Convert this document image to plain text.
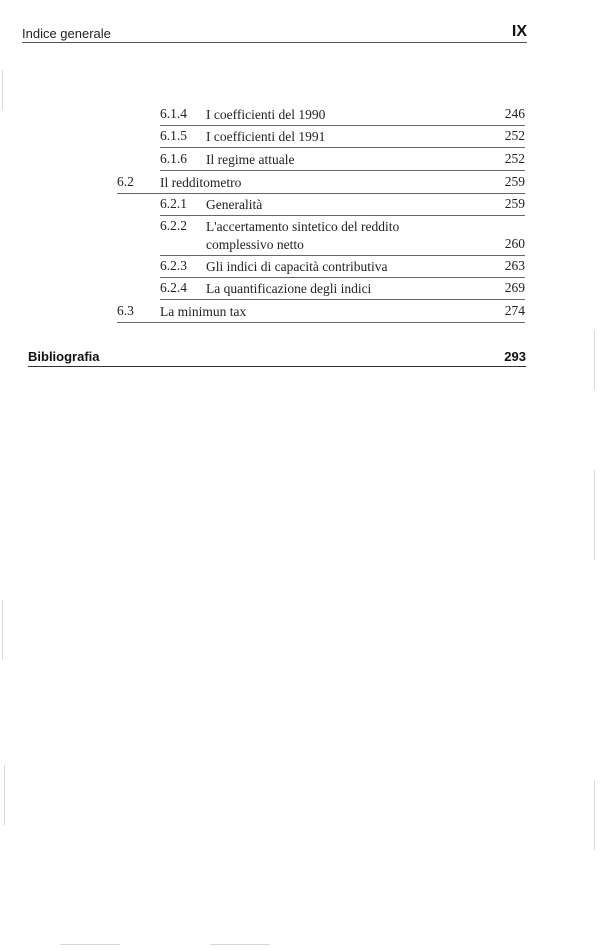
Indice generale	IX
6.1.4 I coefficienti del 1990	246
6.1.5 I coefficienti del 1991	252
6.1.6 Il regime attuale	252
6.2 Il redditometro	259
6.2.1 Generalità	259
6.2.2 L'accertamento sintetico del reddito
complessivo netto	260
6.2.3 Gli indici di capacità contributiva	263
6.2.4 La quantificazione degli indici	269
6.3 La minimun tax	274
Bibliografia	293
